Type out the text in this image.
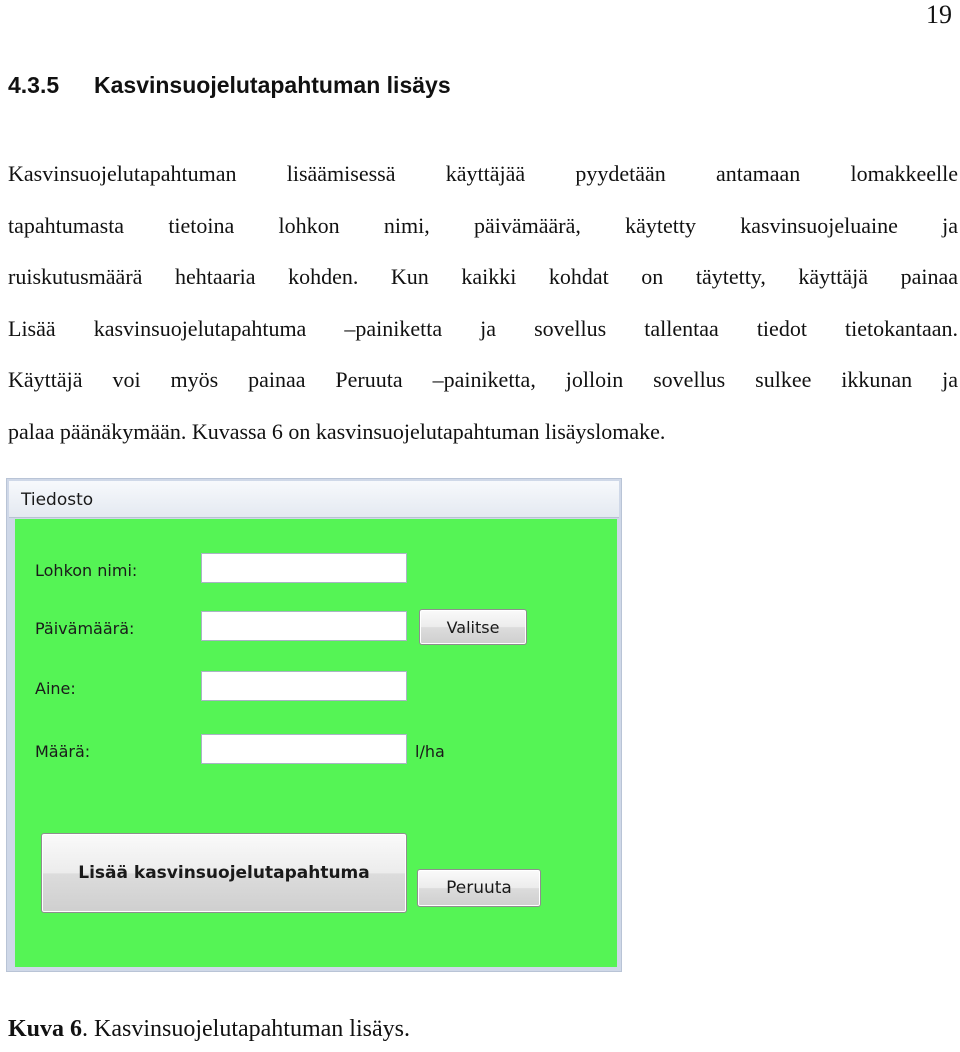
19
4.3.5 Kasvinsuojelutapahtuman lisäys
Kasvinsuojelutapahtuman lisäämisessä käyttäjää pyydetään antamaan lomakkeelle
tapahtumasta tietoina lohkon nimi, päivämäärä, käytetty kasvinsuojeluaine ja
ruiskutusmäärä hehtaaria kohden. Kun kaikki kohdat on täytetty, käyttäjä painaa
Lisää kasvinsuojelutapahtuma –painiketta ja sovellus tallentaa tiedot tietokantaan.
Käyttäjä voi myös painaa Peruuta –painiketta, jolloin sovellus sulkee ikkunan ja
palaa päänäkymään. Kuvassa 6 on kasvinsuojelutapahtuman lisäyslomake.
Tiedosto
Lohkon nimi:
Päivämäärä:	Valitse
Aine:
Määrä:	l/ha
Lisää kasvinsuojelutapahtuma
Peruuta
Kuva 6. Kasvinsuojelutapahtuman lisäys.
